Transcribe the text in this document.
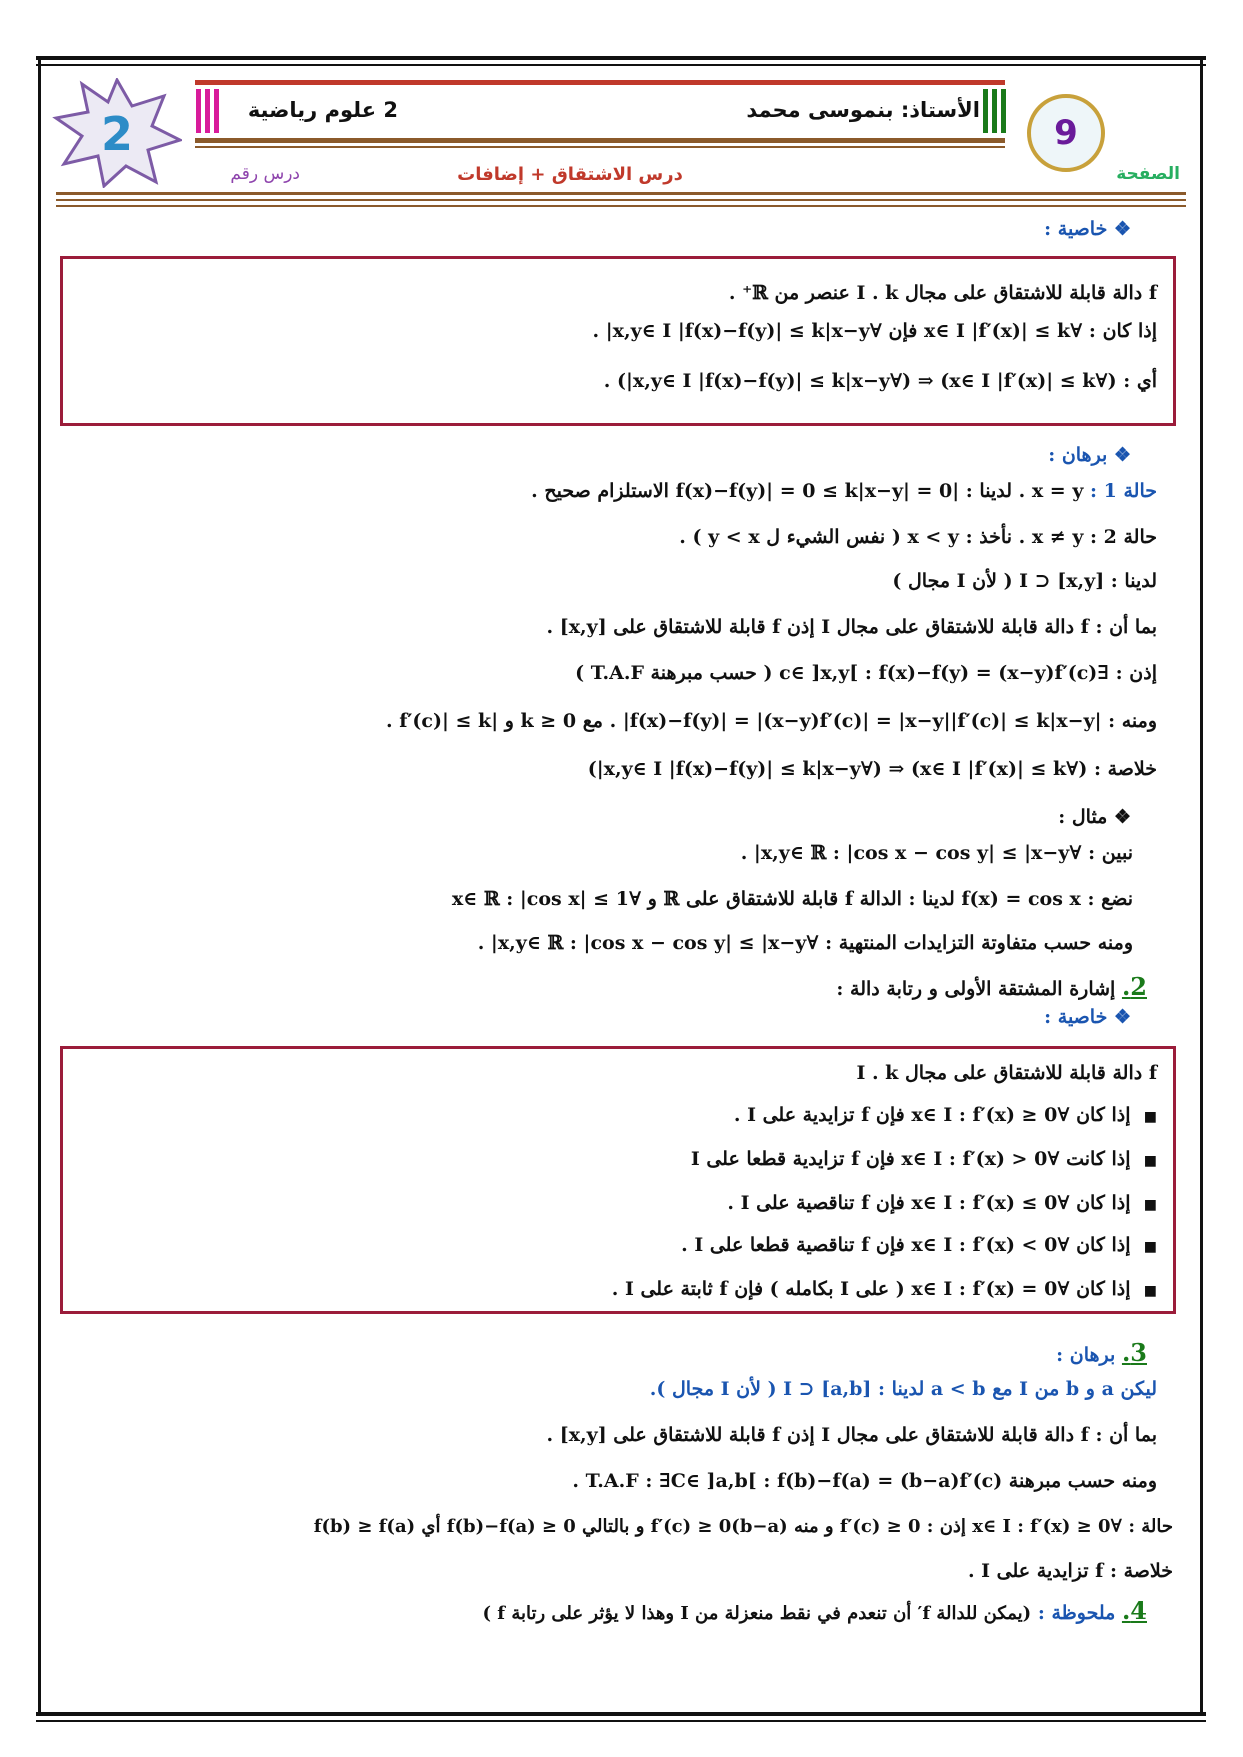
2	9
الأستاذ: بنموسى محمد
2 علوم رياضية
درس الاشتقاق + إضافات
درس رقم	الصفحة
❖ خاصية :
f دالة قابلة للاشتقاق على مجال I . k عنصر من ℝ⁺ .
إذا كان : ∀x∈ I |f′(x)| ≤ k فإن ∀x,y∈ I |f(x)−f(y)| ≤ k|x−y| .
أي : (∀x∈ I |f′(x)| ≤ k) ⇒ (∀x,y∈ I |f(x)−f(y)| ≤ k|x−y|) .
❖ برهان :
حالة 1 : x = y . لدينا : |f(x)−f(y)| = 0 ≤ k|x−y| = 0 الاستلزام صحيح .
حالة 2 : x ≠ y . نأخذ : x < y ( نفس الشيء ل y < x ) .
لدينا : [x,y] ⊂ I ( لأن I مجال )
بما أن : f دالة قابلة للاشتقاق على مجال I إذن f قابلة للاشتقاق على [x,y] .
إذن : ∃c∈ ]x,y[ : f(x)−f(y) = (x−y)f′(c) ( حسب مبرهنة T.A.F )
ومنه : |f(x)−f(y)| = |(x−y)f′(c)| = |x−y||f′(c)| ≤ k|x−y| . مع k ≥ 0 و |f′(c)| ≤ k .
خلاصة : (∀x∈ I |f′(x)| ≤ k) ⇒ (∀x,y∈ I |f(x)−f(y)| ≤ k|x−y|)
❖ مثال :
نبين : ∀x,y∈ ℝ : |cos x − cos y| ≤ |x−y| .
نضع : f(x) = cos x لدينا : الدالة f قابلة للاشتقاق على ℝ و ∀x∈ ℝ : |cos x| ≤ 1
ومنه حسب متفاوتة التزايدات المنتهية : ∀x,y∈ ℝ : |cos x − cos y| ≤ |x−y| .
2. إشارة المشتقة الأولى و رتابة دالة :
❖ خاصية :
f دالة قابلة للاشتقاق على مجال I . k
■  إذا كان ∀x∈ I : f′(x) ≥ 0 فإن f تزايدية على I .
■  إذا كانت ∀x∈ I : f′(x) > 0 فإن f تزايدية قطعا على I
■  إذا كان ∀x∈ I : f′(x) ≤ 0 فإن f تناقصية على I .
■  إذا كان ∀x∈ I : f′(x) < 0 فإن f تناقصية قطعا على I .
■  إذا كان ∀x∈ I : f′(x) = 0 ( على I بكامله ) فإن f ثابتة على I .
3. برهان :
ليكن a و b من I مع a < b لدينا : [a,b] ⊂ I ( لأن I مجال ).
بما أن : f دالة قابلة للاشتقاق على مجال I إذن f قابلة للاشتقاق على [x,y] .
ومنه حسب مبرهنة T.A.F : ∃C∈ ]a,b[ : f(b)−f(a) = (b−a)f′(c) .
حالة : ∀x∈ I : f′(x) ≥ 0 إذن : f′(c) ≥ 0 و منه (b−a)f′(c) ≥ 0 و بالتالي f(b)−f(a) ≥ 0 أي f(b) ≥ f(a)
خلاصة : f تزايدية على I .
4. ملحوظة : (يمكن للدالة f′ أن تنعدم في نقط منعزلة من I وهذا لا يؤثر على رتابة f )
